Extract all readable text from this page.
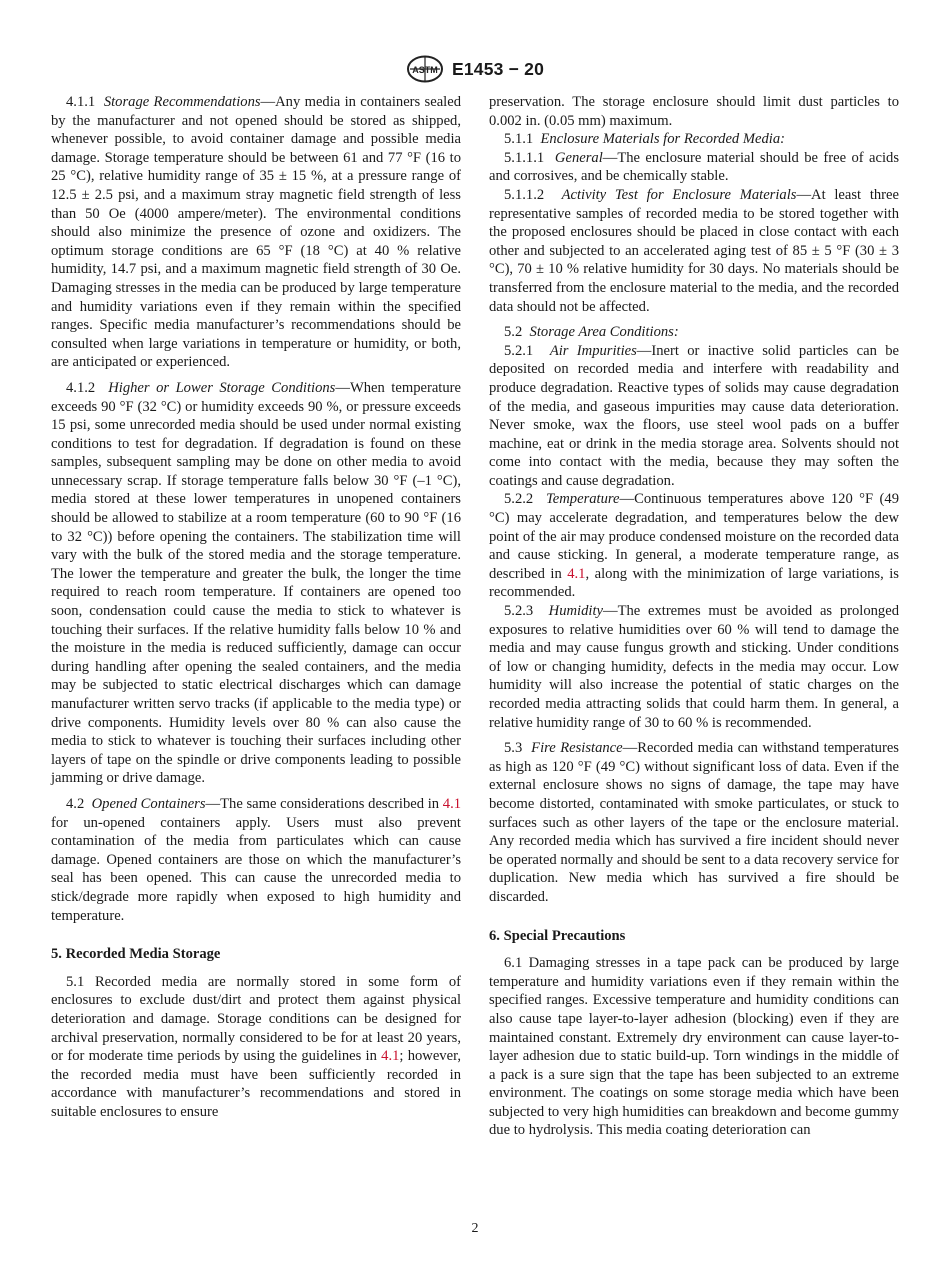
ASTM E1453 − 20

4.1.1 Storage Recommendations—Any media in containers sealed by the manufacturer and not opened should be stored as shipped, whenever possible, to avoid container damage and possible media damage. Storage temperature should be between 61 and 77 °F (16 to 25 °C), relative humidity range of 35 ± 15 %, at a pressure range of 12.5 ± 2.5 psi, and a maximum stray magnetic field strength of less than 50 Oe (4000 ampere/meter). The environmental conditions should also minimize the presence of ozone and oxidizers. The optimum storage conditions are 65 °F (18 °C) at 40 % relative humidity, 14.7 psi, and a maximum magnetic field strength of 30 Oe. Damaging stresses in the media can be produced by large temperature and humidity variations even if they remain within the specified ranges. Specific media manufacturer’s recommendations should be consulted when large variations in temperature or humidity, or both, are anticipated or experienced.

4.1.2 Higher or Lower Storage Conditions—When temperature exceeds 90 °F (32 °C) or humidity exceeds 90 %, or pressure exceeds 15 psi, some unrecorded media should be used under normal existing conditions to test for degradation. If degradation is found on these samples, subsequent sampling may be done on other media to avoid unnecessary scrap. If storage temperature falls below 30 °F (–1 °C), media stored at these lower temperatures in unopened containers should be allowed to stabilize at a room temperature (60 to 90 °F (16 to 32 °C)) before opening the containers. The stabilization time will vary with the bulk of the stored media and the storage temperature. The lower the temperature and greater the bulk, the longer the time required to reach room temperature. If containers are opened too soon, condensation could cause the media to stick to whatever is touching their surfaces. If the relative humidity falls below 10 % and the moisture in the media is reduced sufficiently, damage can occur during handling after opening the sealed containers, and the media may be subjected to static electrical discharges which can damage manufacturer written servo tracks (if applicable to the media type) or drive components. Humidity levels over 80 % can also cause the media to stick to whatever is touching their surfaces including other layers of tape on the spindle or drive components leading to possible jamming or drive damage.

4.2 Opened Containers—The same considerations described in 4.1 for un-opened containers apply. Users must also prevent contamination of the media from particulates which can cause damage. Opened containers are those on which the manufacturer’s seal has been opened. This can cause the unrecorded media to stick/degrade more rapidly when exposed to high humidity and temperature.

5. Recorded Media Storage

5.1 Recorded media are normally stored in some form of enclosures to exclude dust/dirt and protect them against physical deterioration and damage. Storage conditions can be designed for archival preservation, normally considered to be for at least 20 years, or for moderate time periods by using the guidelines in 4.1; however, the recorded media must have been sufficiently recorded in accordance with manufacturer’s recommendations and stored in suitable enclosures to ensure

preservation. The storage enclosure should limit dust particles to 0.002 in. (0.05 mm) maximum.

5.1.1 Enclosure Materials for Recorded Media:

5.1.1.1 General—The enclosure material should be free of acids and corrosives, and be chemically stable.

5.1.1.2 Activity Test for Enclosure Materials—At least three representative samples of recorded media to be stored together with the proposed enclosures should be placed in close contact with each other and subjected to an accelerated aging test of 85 ± 5 °F (30 ± 3 °C), 70 ± 10 % relative humidity for 30 days. No materials should be transferred from the enclosure material to the media, and the recorded data should not be affected.

5.2 Storage Area Conditions:

5.2.1 Air Impurities—Inert or inactive solid particles can be deposited on recorded media and interfere with readability and produce degradation. Reactive types of solids may cause degradation of the media, and gaseous impurities may cause data deterioration. Never smoke, wax the floors, use steel wool pads on a buffer machine, eat or drink in the media storage area. Solvents should not come into contact with the media, because they may soften the coatings and cause degradation.

5.2.2 Temperature—Continuous temperatures above 120 °F (49 °C) may accelerate degradation, and temperatures below the dew point of the air may produce condensed moisture on the recorded data and cause sticking. In general, a moderate temperature range, as described in 4.1, along with the minimization of large variations, is recommended.

5.2.3 Humidity—The extremes must be avoided as prolonged exposures to relative humidities over 60 % will tend to damage the media and may cause fungus growth and sticking. Under conditions of low or changing humidity, defects in the media may occur. Low humidity will also increase the potential of static charges on the recorded media attracting solids that could harm them. In general, a relative humidity range of 30 to 60 % is recommended.

5.3 Fire Resistance—Recorded media can withstand temperatures as high as 120 °F (49 °C) without significant loss of data. Even if the external enclosure shows no signs of damage, the tape may have become distorted, contaminated with smoke particulates, or stuck to surfaces such as other layers of the tape or the enclosure material. Any recorded media which has survived a fire incident should never be operated normally and should be sent to a data recovery service for duplication. New media which has survived a fire should be discarded.

6. Special Precautions

6.1 Damaging stresses in a tape pack can be produced by large temperature and humidity variations even if they remain within the specified ranges. Excessive temperature and humidity conditions can also cause tape layer-to-layer adhesion (blocking) even if they are maintained constant. Extremely dry environment can cause layer-to-layer adhesion due to static build-up. Torn windings in the middle of a pack is a sure sign that the tape has been subjected to an extreme environment. The coatings on some storage media which have been subjected to very high humidities can breakdown and become gummy due to hydrolysis. This media coating deterioration can

2
